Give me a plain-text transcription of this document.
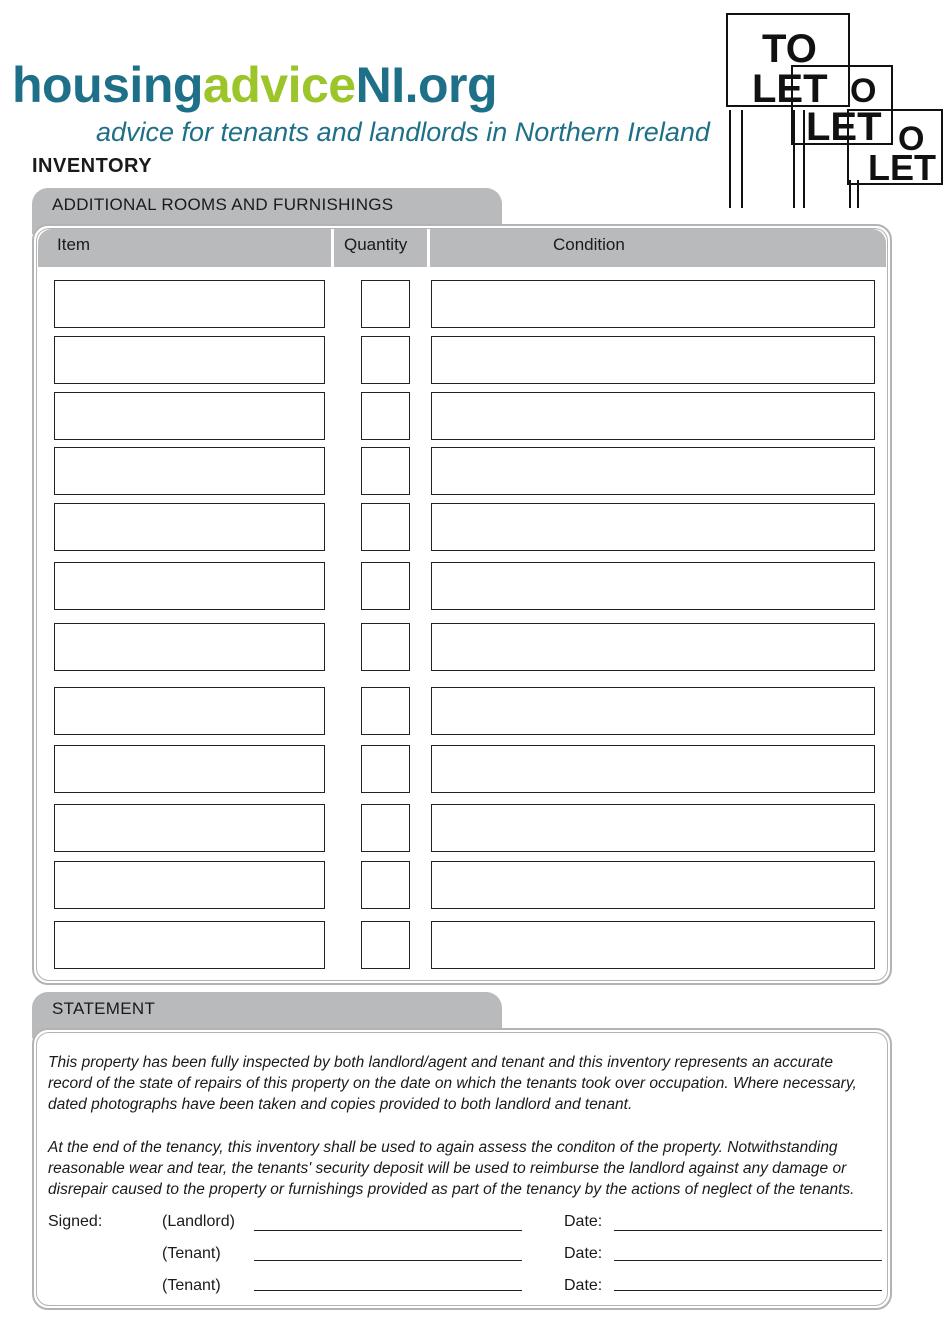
housingadviceNI.org
advice for tenants and landlords in Northern Ireland
INVENTORY
TO
LET O
LET O
LET
ADDITIONAL ROOMS AND FURNISHINGS
Item	Quantity	Condition
STATEMENT

This property has been fully inspected by both landlord/agent and tenant and this inventory represents an accurate record of the state of repairs of this property on the date on which the tenants took over occupation. Where necessary, dated photographs have been taken and copies provided to both landlord and tenant.

At the end of the tenancy, this inventory shall be used to again assess the conditon of the property. Notwithstanding reasonable wear and tear, the tenants' security deposit will be used to reimburse the landlord against any damage or disrepair caused to the property or furnishings provided as part of the tenancy by the actions of neglect of the tenants.

Signed:	(Landlord)	Date:
(Tenant)	Date:
(Tenant)	Date:
